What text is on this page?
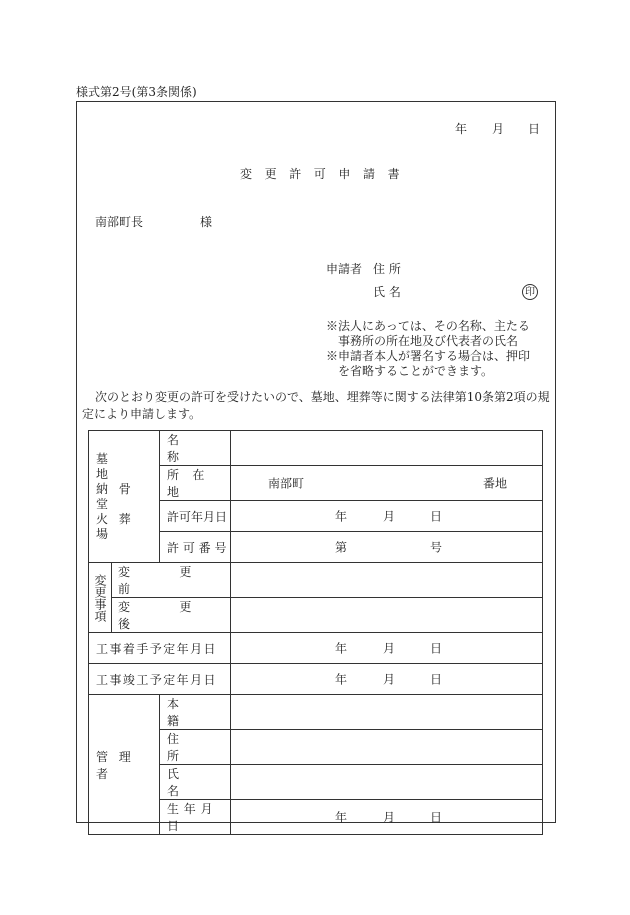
様式第2号(第3条関係)
年 月 日
変更許可申請書
南部町長	様
申請者 住 所
氏 名	印
※法人にあっては、その名称、主たる
事務所の所在地及び代表者の氏名
※申請者本人が署名する場合は、押印
を省略することができます。
次のとおり変更の許可を受けたいので、墓地、埋葬等に関する法律第10条第2項の規定により申請します。
墓 地
納骨堂
火葬場		名 称	
		所 在 地	南部町 番地

		許可年月日	年 月 日

		許 可 番 号	第 号

変更事項	変 更 前		
	変 更 後		
工事着手予定年月日			年 月 日

工事竣工予定年月日			年 月 日

管理者		本 籍	
		住 所	
		氏 名	
		生年月日	年 月 日
